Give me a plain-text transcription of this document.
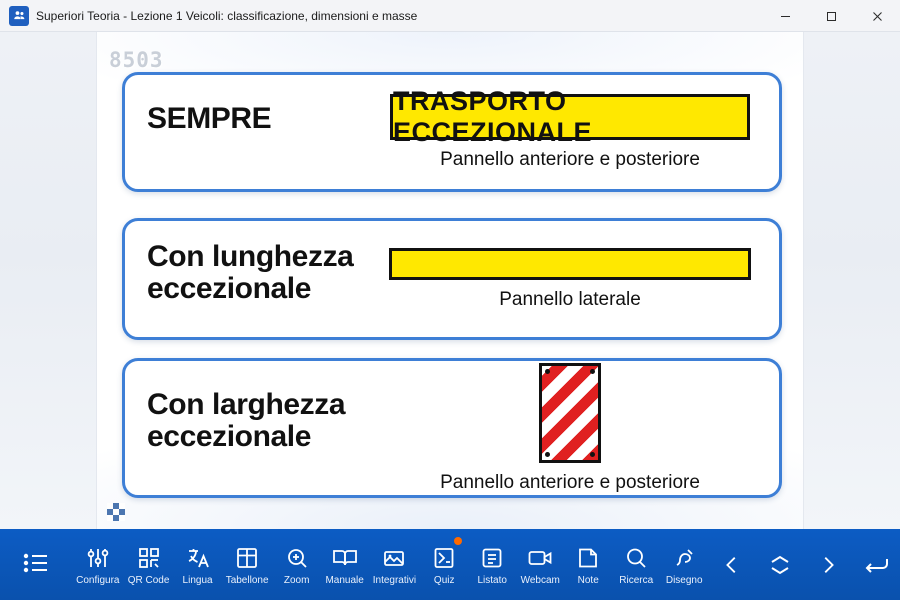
Superiori Teoria - Lezione 1 Veicoli: classificazione, dimensioni e masse
8503
SEMPRE
TRASPORTO ECCEZIONALE
Pannello anteriore e posteriore
Con lunghezza eccezionale	Pannello laterale
Con larghezza eccezionale
Pannello anteriore e posteriore
Configura QR Code Lingua Tabellone Zoom Manuale Integrativi Quiz Listato Webcam Note Ricerca Disegno
